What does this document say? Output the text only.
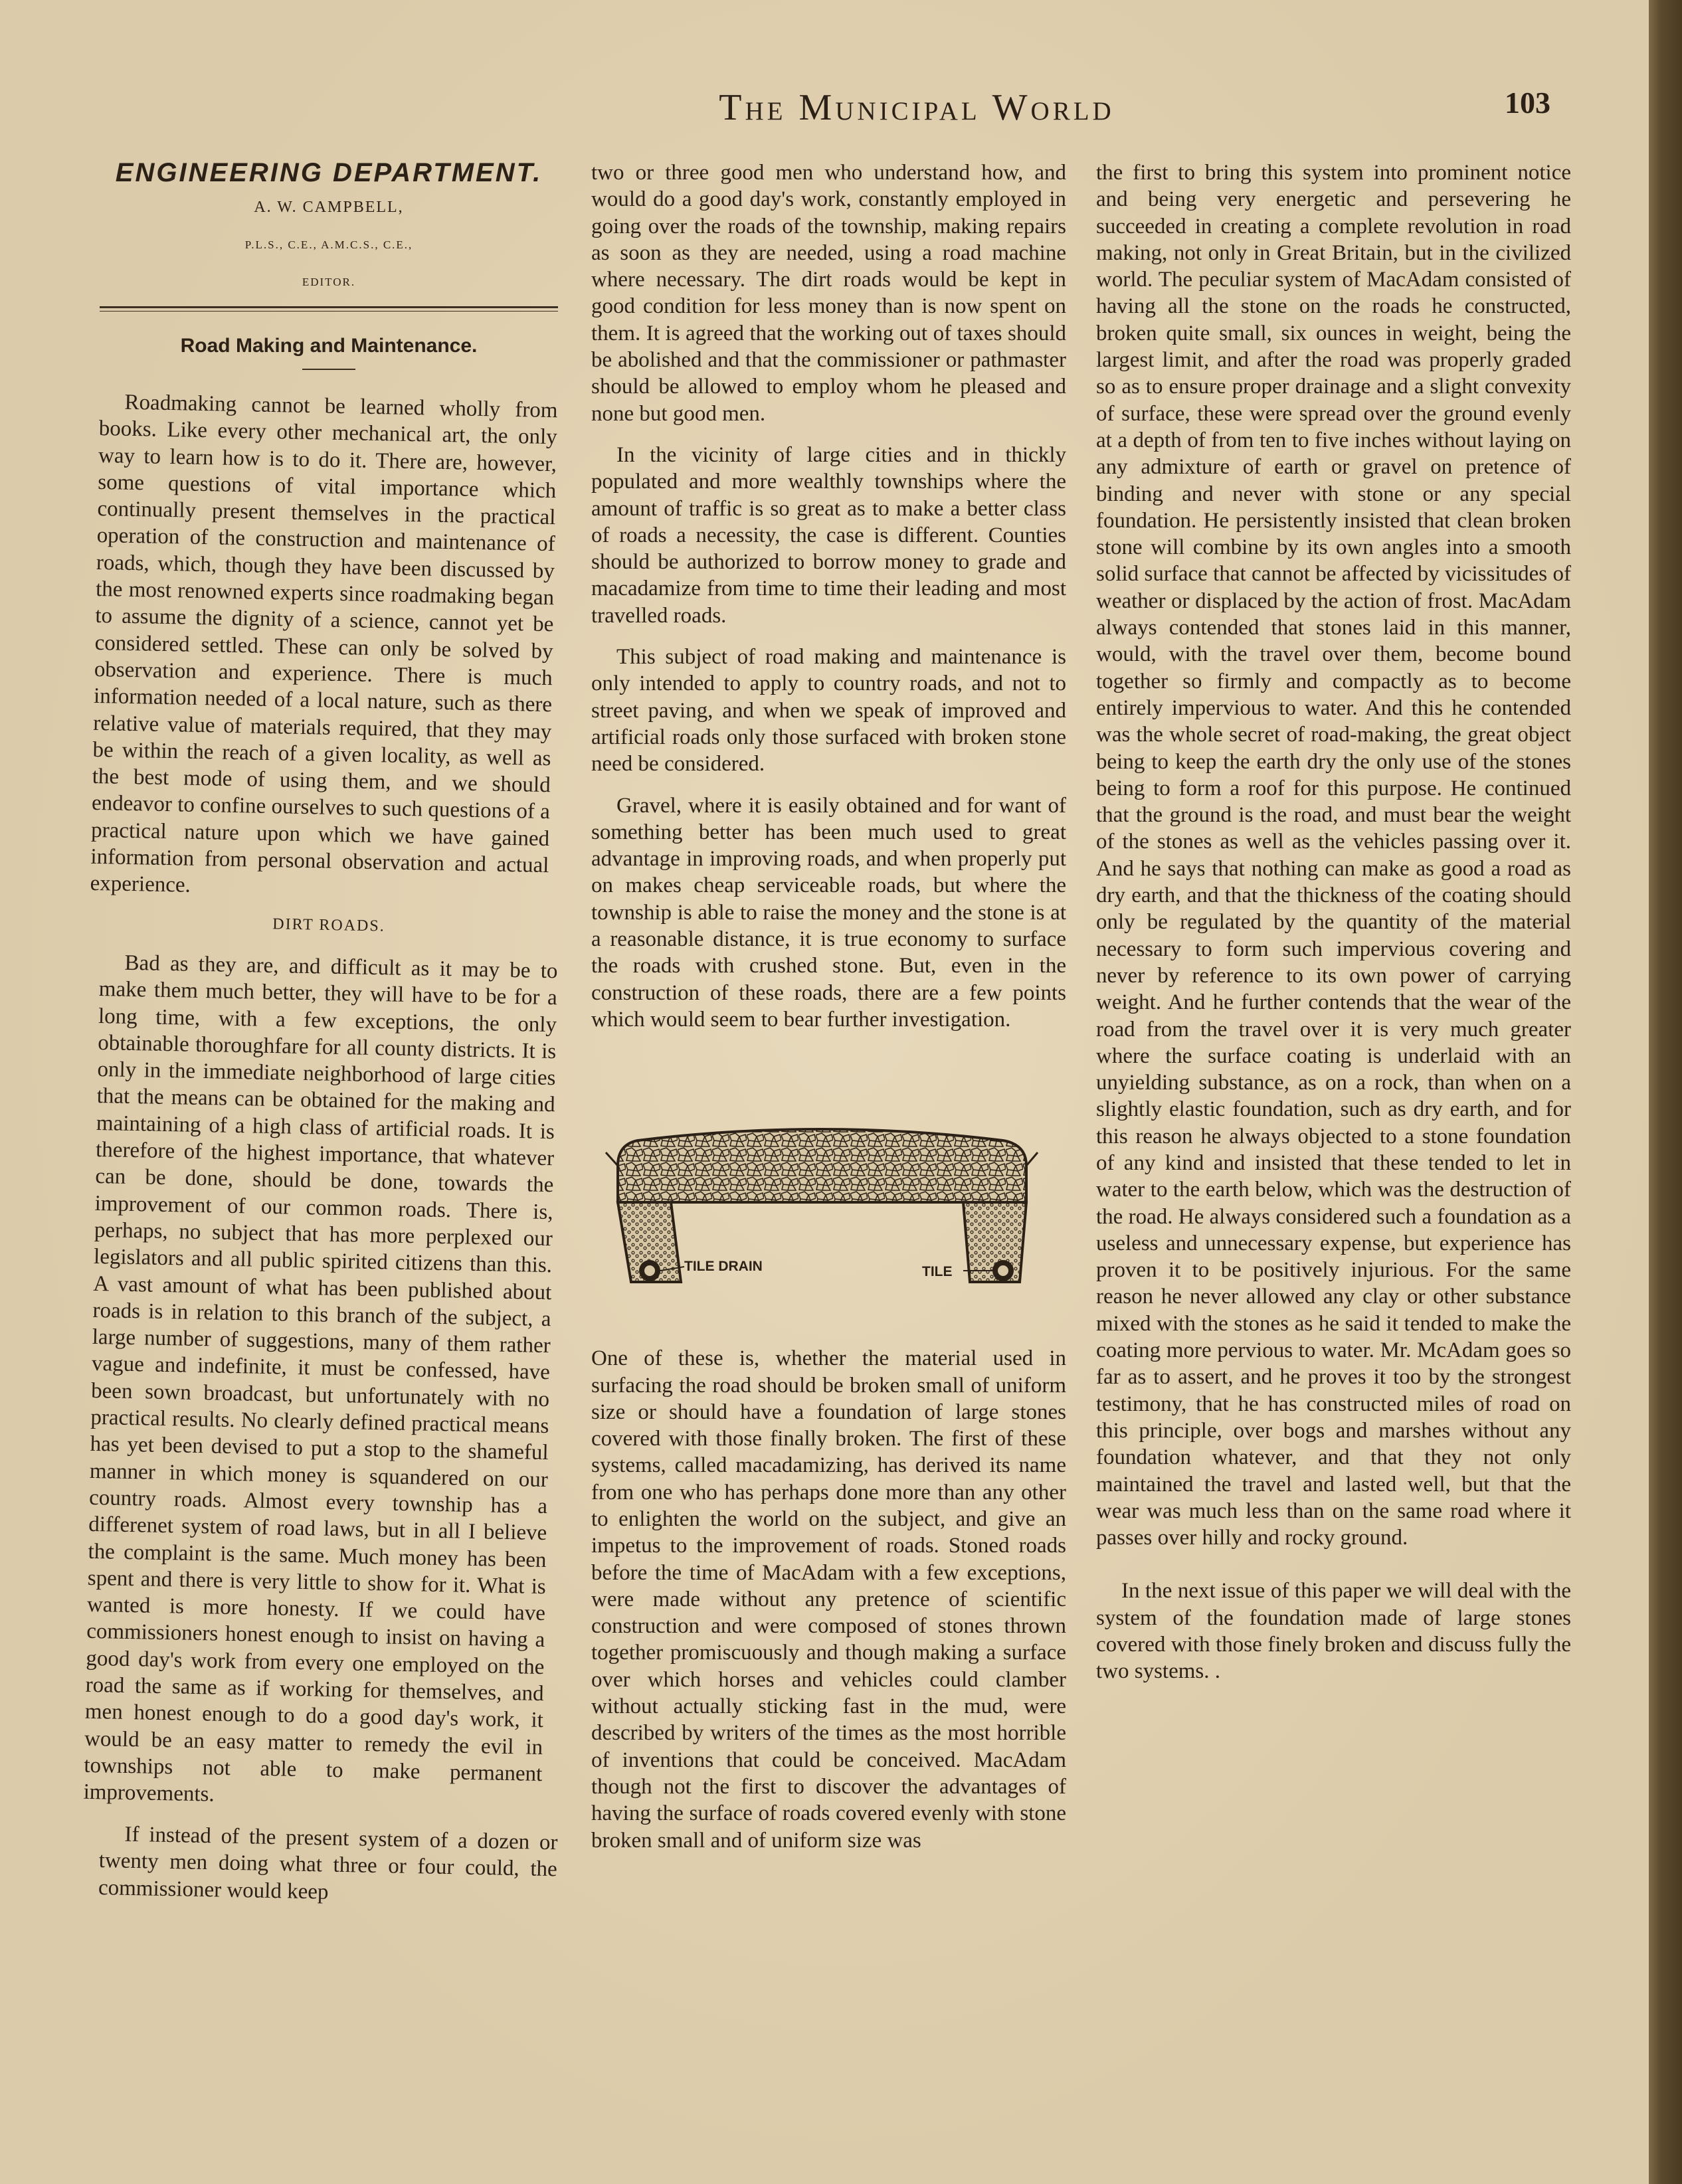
The Municipal World	103
ENGINEERING DEPARTMENT.
A. W. CAMPBELL,
P.L.S., C.E., A.M.C.S., C.E.,
EDITOR.
Road Making and Maintenance.

Roadmaking cannot be learned wholly from books. Like every other mechanical art, the only way to learn how is to do it. There are, however, some questions of vital importance which continually present themselves in the practical operation of the construction and maintenance of roads, which, though they have been discussed by the most renowned experts since roadmaking began to assume the dignity of a science, cannot yet be considered settled. These can only be solved by observation and experience. There is much information needed of a local nature, such as there relative value of materials required, that they may be within the reach of a given locality, as well as the best mode of using them, and we should endeavor to confine ourselves to such questions of a practical nature upon which we have gained information from personal observation and actual experience.

DIRT ROADS.

Bad as they are, and difficult as it may be to make them much better, they will have to be for a long time, with a few exceptions, the only obtainable thoroughfare for all county districts. It is only in the immediate neighborhood of large cities that the means can be obtained for the making and maintaining of a high class of artificial roads. It is therefore of the highest importance, that whatever can be done, should be done, towards the improvement of our common roads. There is, perhaps, no subject that has more perplexed our legislators and all public spirited citizens than this. A vast amount of what has been published about roads is in relation to this branch of the subject, a large number of suggestions, many of them rather vague and indefinite, it must be confessed, have been sown broadcast, but unfortunately with no practical results. No clearly defined practical means has yet been devised to put a stop to the shameful manner in which money is squandered on our country roads. Almost every township has a differenet system of road laws, but in all I believe the complaint is the same. Much money has been spent and there is very little to show for it. What is wanted is more honesty. If we could have commissioners honest enough to insist on having a good day's work from every one employed on the road the same as if working for themselves, and men honest enough to do a good day's work, it would be an easy matter to remedy the evil in townships not able to make permanent improvements.

If instead of the present system of a dozen or twenty men doing what three or four could, the commissioner would keep

two or three good men who understand how, and would do a good day's work, constantly employed in going over the roads of the township, making repairs as soon as they are needed, using a road machine where necessary. The dirt roads would be kept in good condition for less money than is now spent on them. It is agreed that the working out of taxes should be abolished and that the commissioner or pathmaster should be allowed to employ whom he pleased and none but good men.

In the vicinity of large cities and in thickly populated and more wealthly townships where the amount of traffic is so great as to make a better class of roads a necessity, the case is different. Counties should be authorized to borrow money to grade and macadamize from time to time their leading and most travelled roads.

This subject of road making and maintenance is only intended to apply to country roads, and not to street paving, and when we speak of improved and artificial roads only those surfaced with broken stone need be considered.

Gravel, where it is easily obtained and for want of something better has been much used to great advantage in improving roads, and when properly put on makes cheap serviceable roads, but where the township is able to raise the money and the stone is at a reasonable distance, it is true economy to surface the roads with crushed stone. But, even in the construction of these roads, there are a few points which would seem to bear further investigation.

TILE DRAIN	TILE

One of these is, whether the material used in surfacing the road should be broken small of uniform size or should have a foundation of large stones covered with those finally broken. The first of these systems, called macadamizing, has derived its name from one who has perhaps done more than any other to enlighten the world on the subject, and give an impetus to the improvement of roads. Stoned roads before the time of MacAdam with a few exceptions, were made without any pretence of scientific construction and were composed of stones thrown together promiscuously and though making a surface over which horses and vehicles could clamber without actually sticking fast in the mud, were described by writers of the times as the most horrible of inventions that could be conceived. MacAdam though not the first to discover the advantages of having the surface of roads covered evenly with stone broken small and of uniform size was

the first to bring this system into prominent notice and being very energetic and persevering he succeeded in creating a complete revolution in road making, not only in Great Britain, but in the civilized world. The peculiar system of MacAdam consisted of having all the stone on the roads he constructed, broken quite small, six ounces in weight, being the largest limit, and after the road was properly graded so as to ensure proper drainage and a slight convexity of surface, these were spread over the ground evenly at a depth of from ten to five inches without laying on any admixture of earth or gravel on pretence of binding and never with stone or any special foundation. He persistently insisted that clean broken stone will combine by its own angles into a smooth solid surface that cannot be affected by vicissitudes of weather or displaced by the action of frost. MacAdam always contended that stones laid in this manner, would, with the travel over them, become bound together so firmly and compactly as to become entirely impervious to water. And this he contended was the whole secret of road-making, the great object being to keep the earth dry the only use of the stones being to form a roof for this purpose. He continued that the ground is the road, and must bear the weight of the stones as well as the vehicles passing over it. And he says that nothing can make as good a road as dry earth, and that the thickness of the coating should only be regulated by the quantity of the material necessary to form such impervious covering and never by reference to its own power of carrying weight. And he further contends that the wear of the road from the travel over it is very much greater where the surface coating is underlaid with an unyielding substance, as on a rock, than when on a slightly elastic foundation, such as dry earth, and for this reason he always objected to a stone foundation of any kind and insisted that these tended to let in water to the earth below, which was the destruction of the road. He always considered such a foundation as a useless and unnecessary expense, but experience has proven it to be positively injurious. For the same reason he never allowed any clay or other substance mixed with the stones as he said it tended to make the coating more pervious to water. Mr. McAdam goes so far as to assert, and he proves it too by the strongest testimony, that he has constructed miles of road on this principle, over bogs and marshes without any foundation whatever, and that they not only maintained the travel and lasted well, but that the wear was much less than on the same road where it passes over hilly and rocky ground.

In the next issue of this paper we will deal with the system of the foundation made of large stones covered with those finely broken and discuss fully the two systems. .
